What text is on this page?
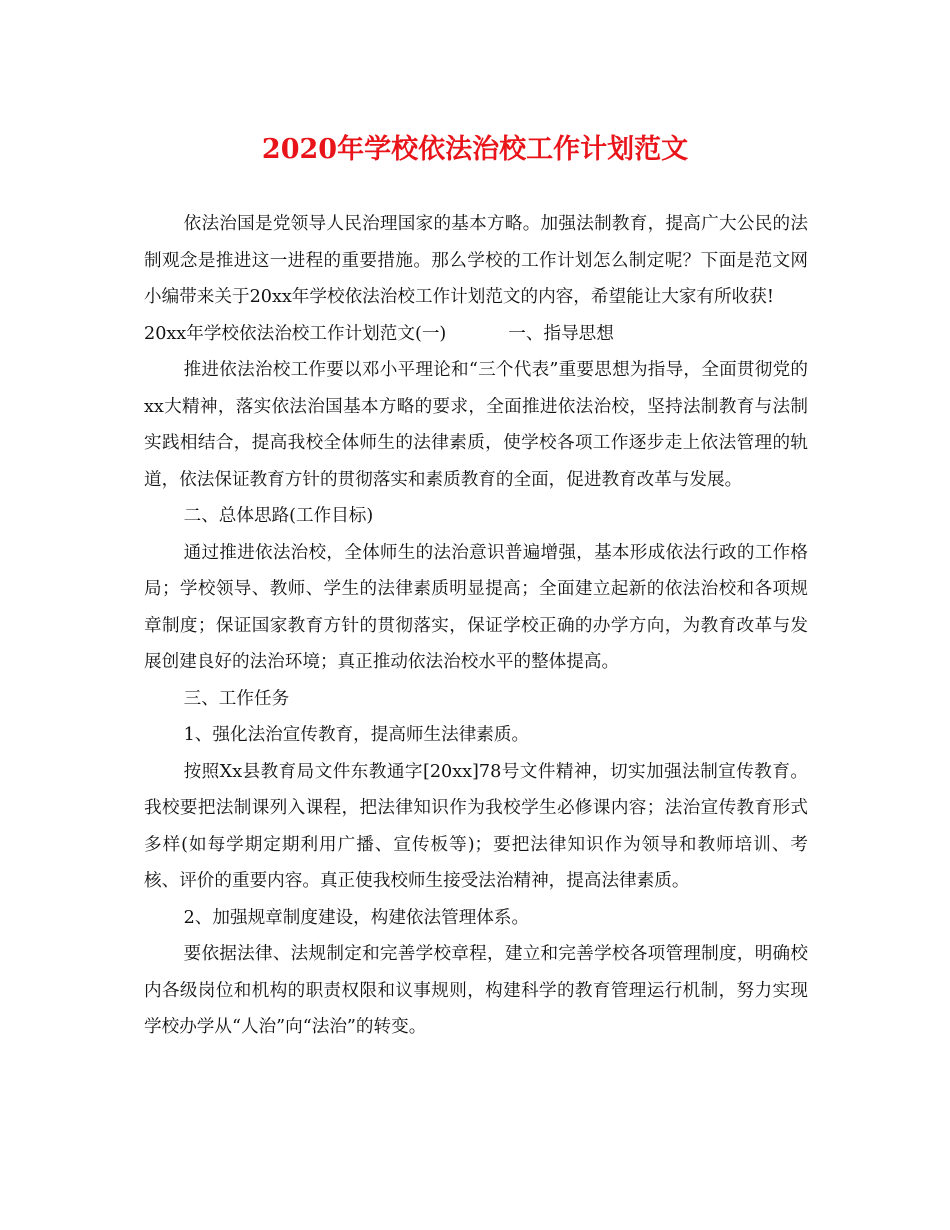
2020年学校依法治校工作计划范文

依法治国是党领导人民治理国家的基本方略。加强法制教育，提高广大公民的法制观念是推进这一进程的重要措施。那么学校的工作计划怎么制定呢？下面是范文网小编带来关于20xx年学校依法治校工作计划范文的内容，希望能让大家有所收获!

20xx年学校依法治校工作计划范文(一)	一、指导思想

推进依法治校工作要以邓小平理论和“三个代表”重要思想为指导，全面贯彻党的xx大精神，落实依法治国基本方略的要求，全面推进依法治校，坚持法制教育与法制实践相结合，提高我校全体师生的法律素质，使学校各项工作逐步走上依法管理的轨道，依法保证教育方针的贯彻落实和素质教育的全面，促进教育改革与发展。

二、总体思路(工作目标)

通过推进依法治校，全体师生的法治意识普遍增强，基本形成依法行政的工作格局；学校领导、教师、学生的法律素质明显提高；全面建立起新的依法治校和各项规章制度；保证国家教育方针的贯彻落实，保证学校正确的办学方向，为教育改革与发展创建良好的法治环境；真正推动依法治校水平的整体提高。

三、工作任务

1、强化法治宣传教育，提高师生法律素质。

按照Xx县教育局文件东教通字[20xx]78号文件精神，切实加强法制宣传教育。我校要把法制课列入课程，把法律知识作为我校学生必修课内容；法治宣传教育形式多样(如每学期定期利用广播、宣传板等)；要把法律知识作为领导和教师培训、考核、评价的重要内容。真正使我校师生接受法治精神，提高法律素质。

2、加强规章制度建设，构建依法管理体系。

要依据法律、法规制定和完善学校章程，建立和完善学校各项管理制度，明确校内各级岗位和机构的职责权限和议事规则，构建科学的教育管理运行机制，努力实现学校办学从“人治”向“法治”的转变。
